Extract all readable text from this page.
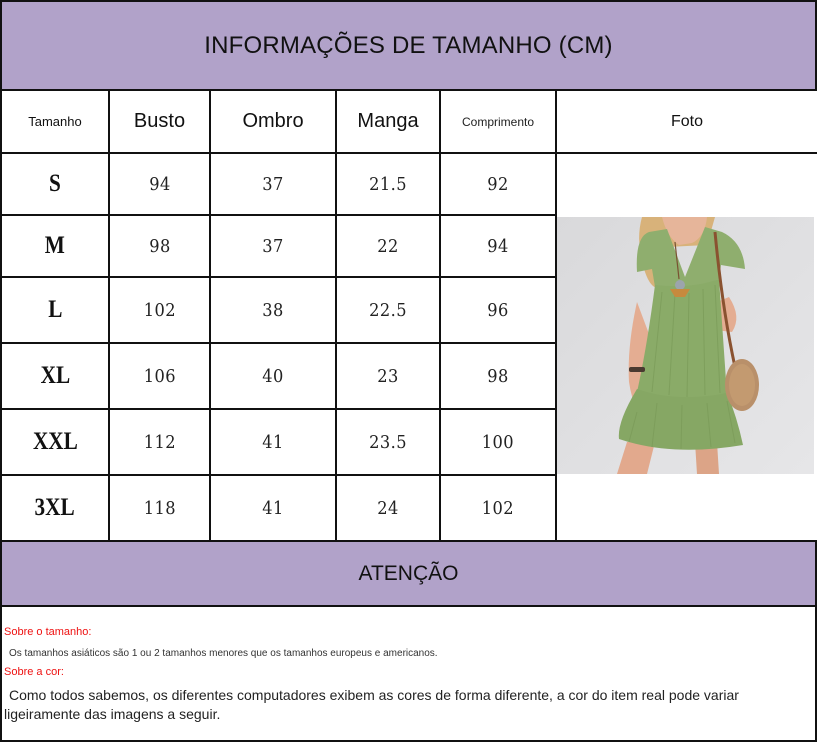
INFORMAÇÕES DE TAMANHO (CM)
Tamanho	Busto	Ombro	Manga	Comprimento	Foto
S	94	37	21.5	92
M	98	37	22	94
L	102	38	22.5	96
XL	106	40	23	98
XXL	112	41	23.5	100
3XL	118	41	24	102
ATENÇÃO
Sobre o tamanho:
Os tamanhos asiáticos são 1 ou 2 tamanhos menores que os tamanhos europeus e americanos.
Sobre a cor:
Como todos sabemos, os diferentes computadores exibem as cores de forma diferente, a cor do item real pode variar ligeiramente das imagens a seguir.
